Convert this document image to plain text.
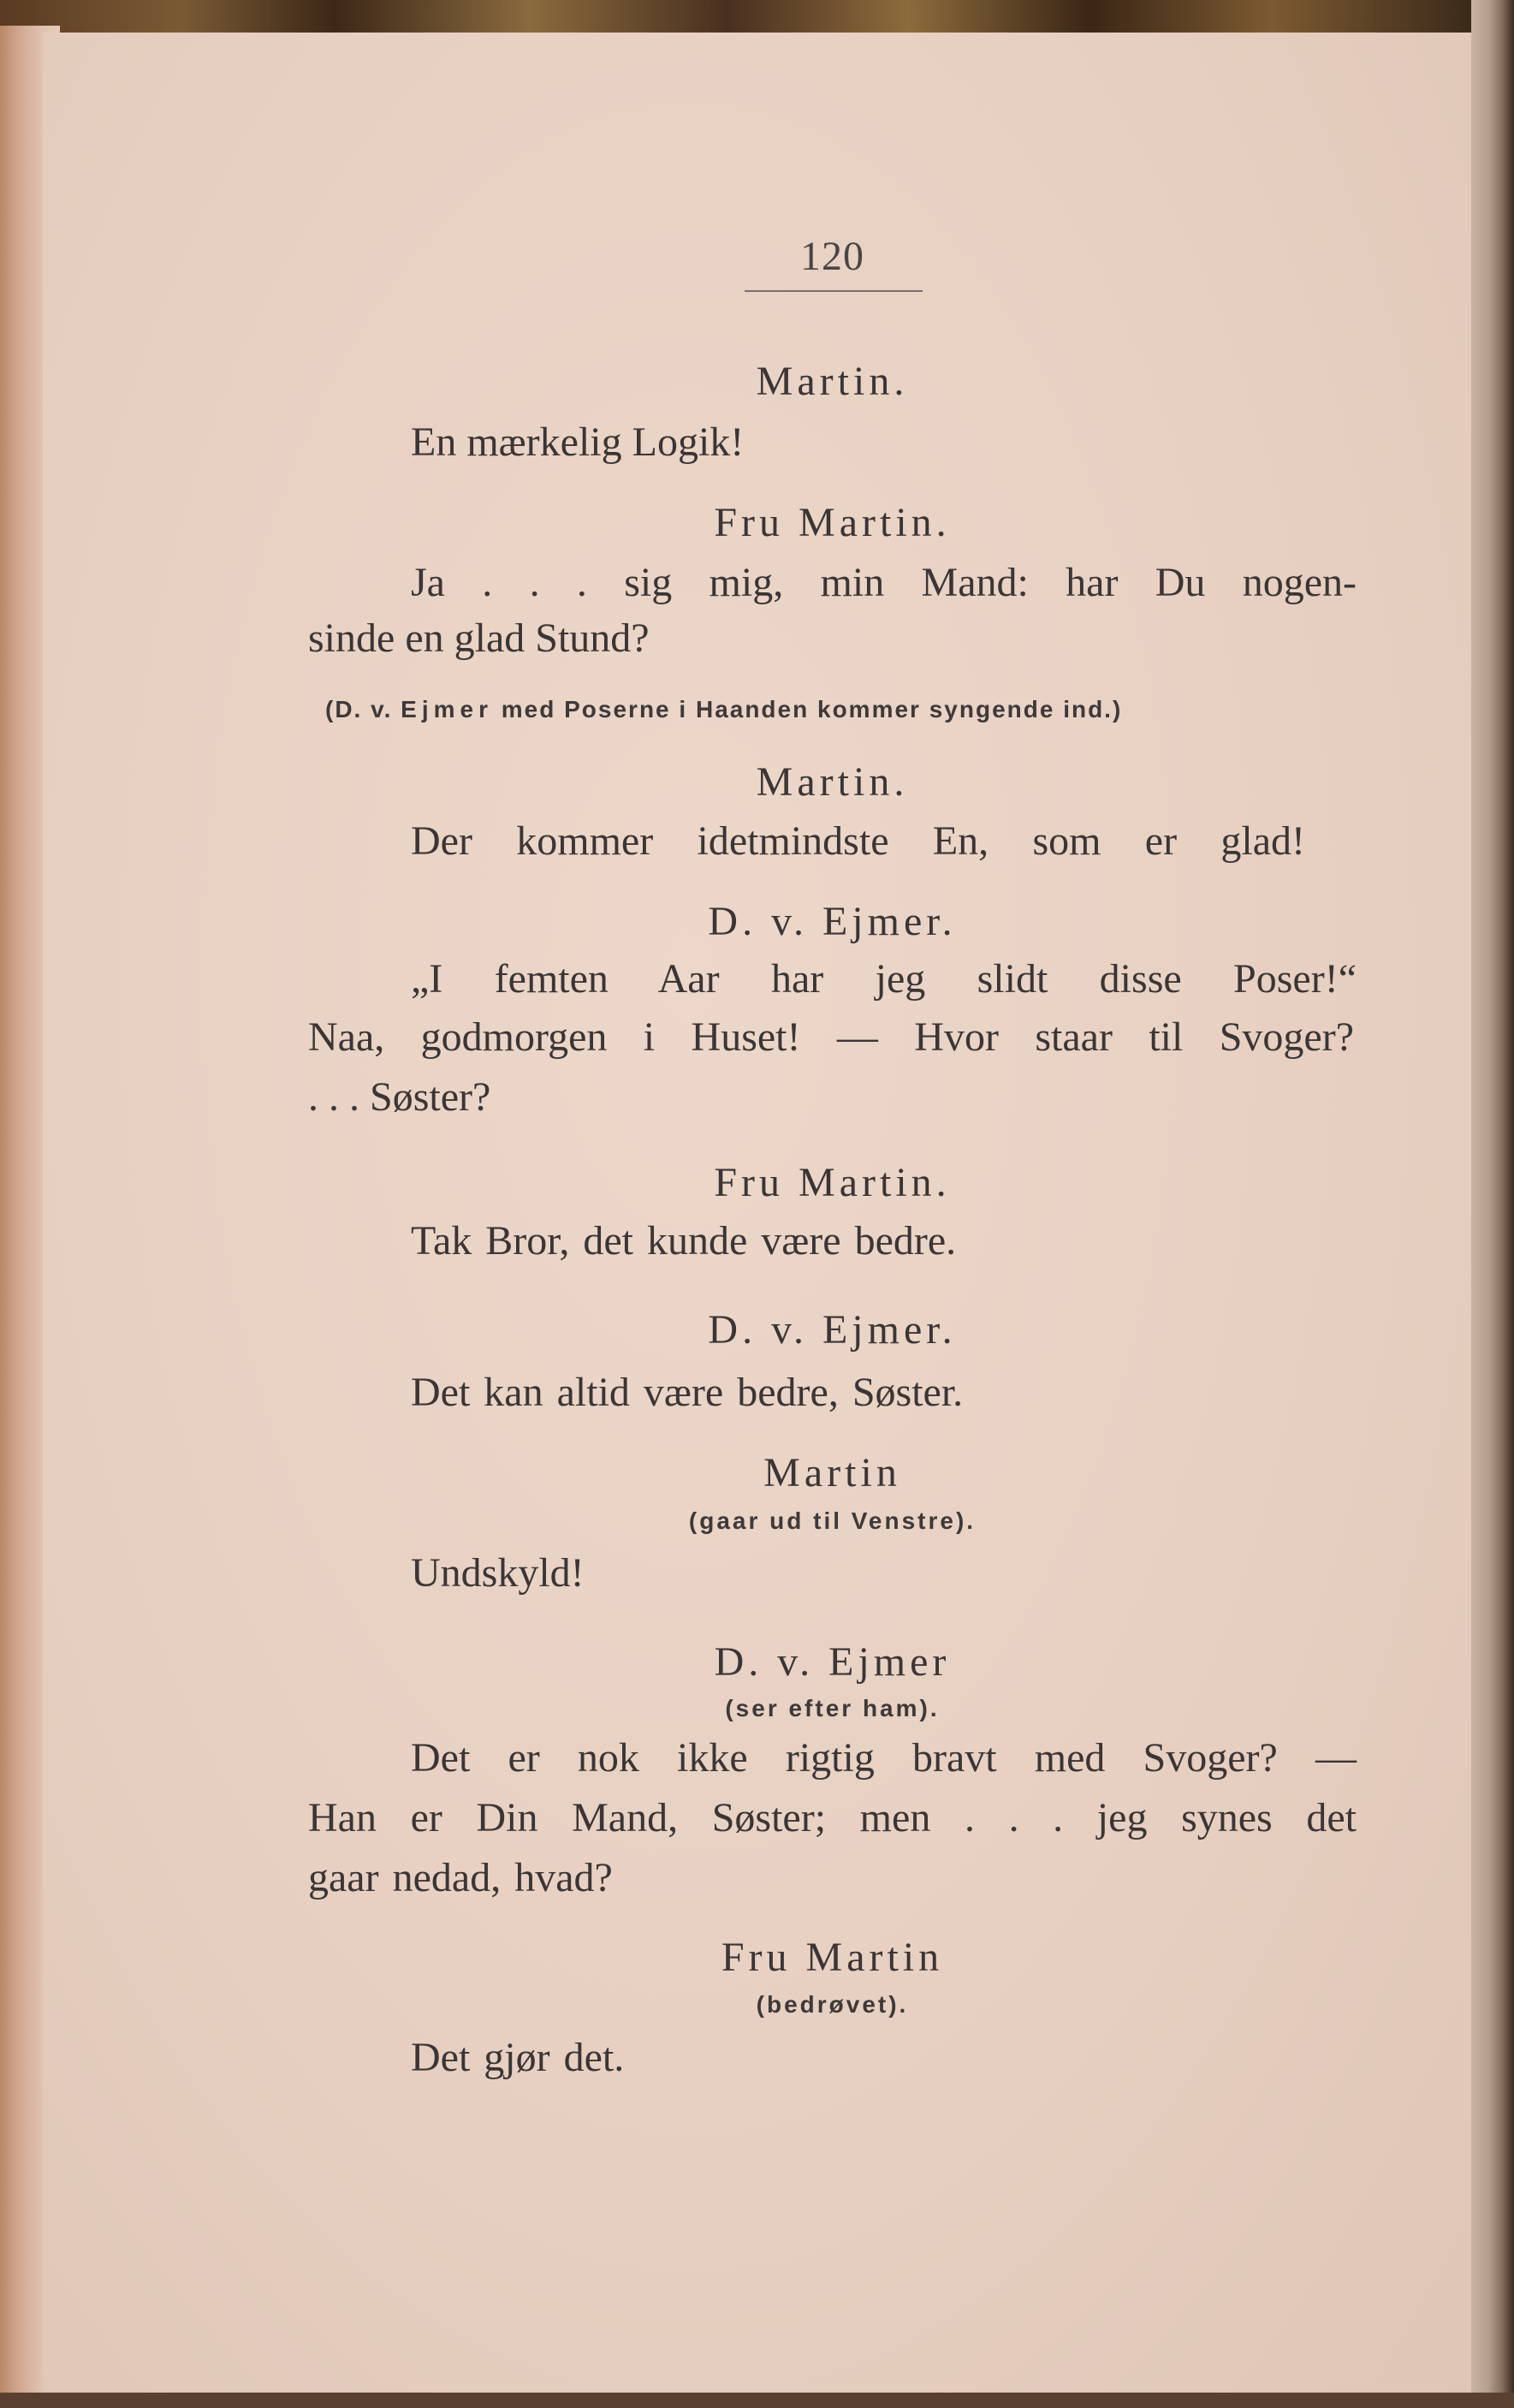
120
Martin.
En mærkelig Logik!
Fru Martin.
Ja . . . sig mig, min Mand: har Du nogen-
sinde en glad Stund?
(D. v. Ejmer med Poserne i Haanden kommer syngende ind.)
Martin.
Der kommer idetmindste En, som er glad!
D. v. Ejmer.
„I femten Aar har jeg slidt disse Poser!“
Naa, godmorgen i Huset! — Hvor staar til Svoger?
. . . Søster?
Fru Martin.
Tak Bror, det kunde være bedre.
D. v. Ejmer.
Det kan altid være bedre, Søster.
Martin
(gaar ud til Venstre).
Undskyld!
D. v. Ejmer
(ser efter ham).
Det er nok ikke rigtig bravt med Svoger? —
Han er Din Mand, Søster; men . . . jeg synes det
gaar nedad, hvad?
Fru Martin
(bedrøvet).
Det gjør det.
